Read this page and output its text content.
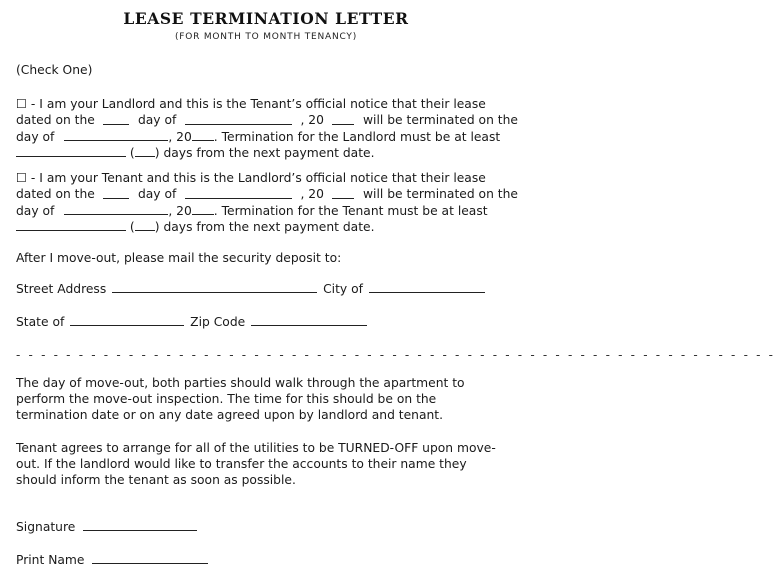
LEASE TERMINATION LETTER
(FOR MONTH TO MONTH TENANCY)
(Check One)
☐ - I am your Landlord and this is the Tenant’s official notice that their lease
dated on the	day of	, 20	will be terminated on the
day of	, 20 . Termination for the Landlord must be at least
( ) days from the next payment date.
☐ - I am your Tenant and this is the Landlord’s official notice that their lease
dated on the	day of	, 20	will be terminated on the
day of	, 20 . Termination for the Tenant must be at least
( ) days from the next payment date.
After I move-out, please mail the security deposit to:
Street Address	City of
State of	Zip Code
- - - - - - - - - - - - - - - - - - - - - - - - - - - - - - - - - - - - - - - - - - - - - - - - - - - - - - - - - - - - -
The day of move-out, both parties should walk through the apartment to
perform the move-out inspection. The time for this should be on the
termination date or on any date agreed upon by landlord and tenant.
Tenant agrees to arrange for all of the utilities to be TURNED-OFF upon move-
out. If the landlord would like to transfer the accounts to their name they
should inform the tenant as soon as possible.
Signature
Print Name
